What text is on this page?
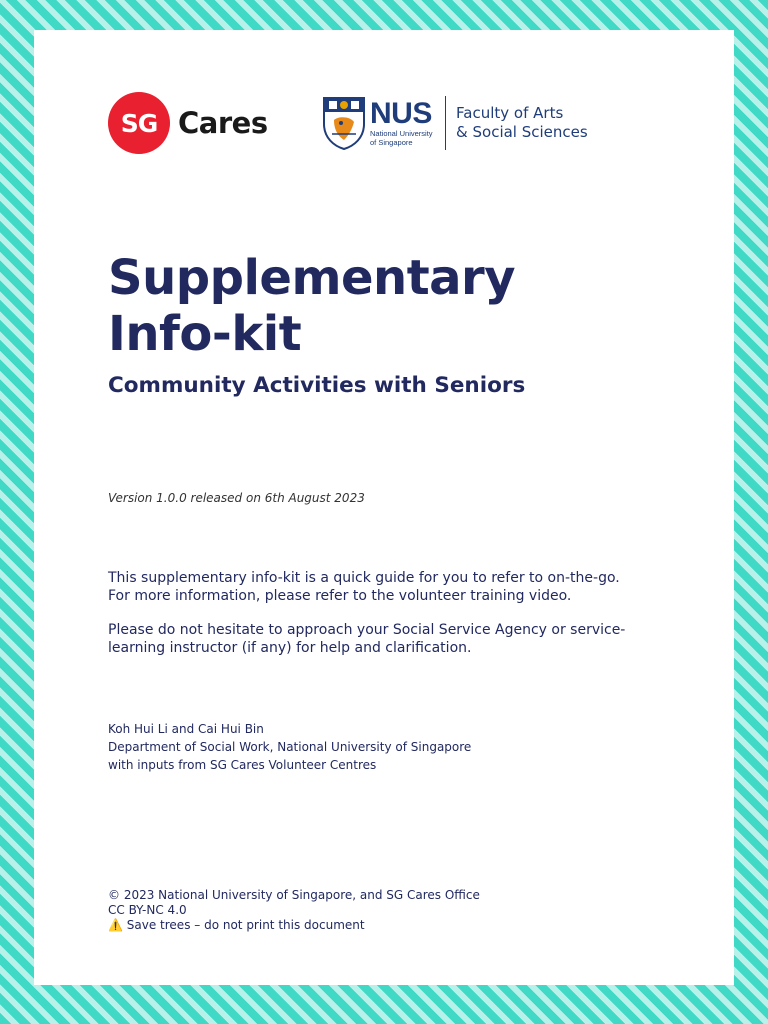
SG Cares	NUS
National University
of Singapore
Faculty of Arts
& Social Sciences
Supplementary
Info-kit
Community Activities with Seniors

Version 1.0.0 released on 6th August 2023

This supplementary info-kit is a quick guide for you to refer to on-the-go.
For more information, please refer to the volunteer training video.

Please do not hesitate to approach your Social Service Agency or service-
learning instructor (if any) for help and clarification.

Koh Hui Li and Cai Hui Bin
Department of Social Work, National University of Singapore
with inputs from SG Cares Volunteer Centres
© 2023 National University of Singapore, and SG Cares Office
CC BY-NC 4.0
⚠️ Save trees – do not print this document
